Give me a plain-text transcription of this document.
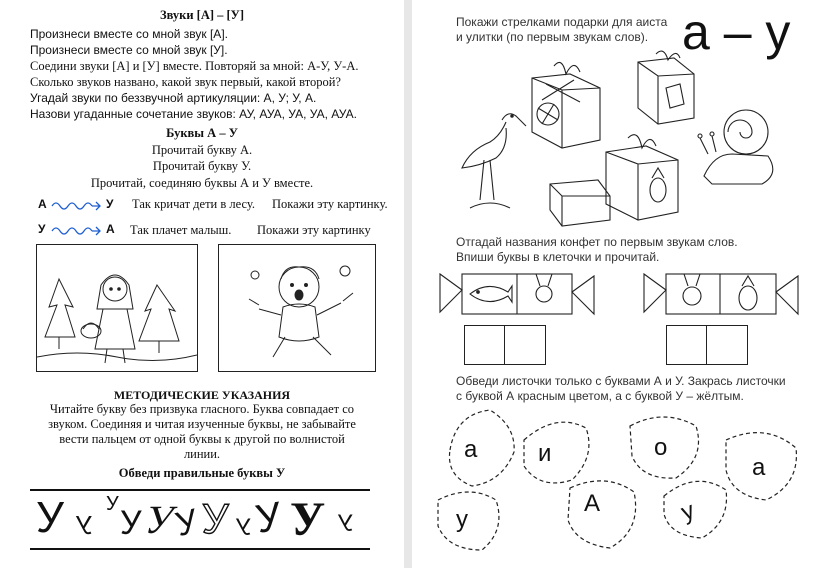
Звуки [А] – [У]
Произнеси вместе со мной звук [А].
Произнеси вместе со мной звук [У].
Соедини звуки [А] и [У] вместе. Повторяй за мной: А-У, У-А.
Сколько звуков названо, какой звук первый, какой второй?
Угадай звуки по беззвучной артикуляции: А, У; У, А.
Назови угаданные сочетание звуков: АУ, АУА, УА, УА, АУА.
Буквы А – У
Прочитай букву А.
Прочитай букву У.
Прочитай, соединяю буквы А и У вместе.
А	У Так кричат дети в лесу. Покажи эту картинку.
У	А Так плачет малыш. Покажи эту картинку
МЕТОДИЧЕСКИЕ УКАЗАНИЯ
Читайте букву без призвука гласного. Буква совпадает со
звуком. Соединяя и читая изученные буквы, не забывайте
вести пальцем от одной буквы к другой по волнистой
линии.
Обведи правильные буквы У
У У
У У
У
У У У У У У
а – у
Покажи стрелками подарки для аиста
и улитки (по первым звукам слов).
Отгадай названия конфет по первым звукам слов.
Впиши буквы в клеточки и прочитай.
Обведи листочки только с буквами А и У. Закрась листочки
с буквой А красным цветом, а с буквой У – жёлтым.
а	и	о
а
у
А	у
